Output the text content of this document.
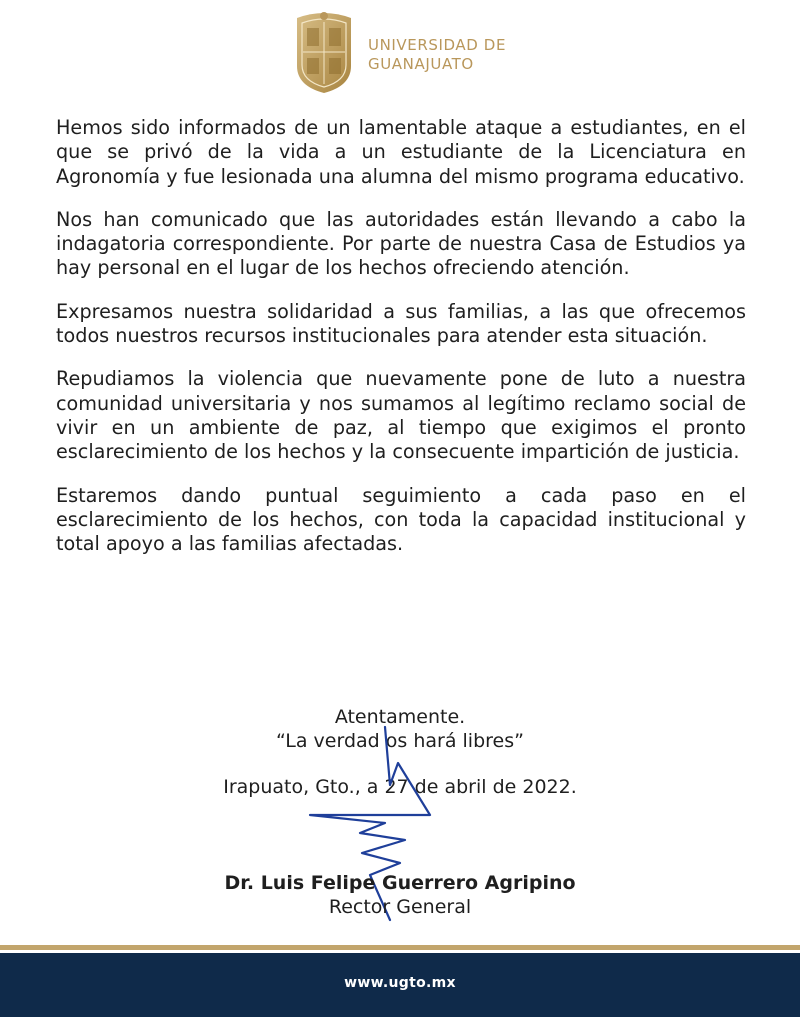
UNIVERSIDAD DE
GUANAJUATO

Hemos sido informados de un lamentable ataque a estudiantes, en el que se privó de la vida a un estudiante de la Licenciatura en Agronomía y fue lesionada una alumna del mismo programa educativo.

Nos han comunicado que las autoridades están llevando a cabo la indagatoria correspondiente. Por parte de nuestra Casa de Estudios ya hay personal en el lugar de los hechos ofreciendo atención.

Expresamos nuestra solidaridad a sus familias, a las que ofrecemos todos nuestros recursos institucionales para atender esta situación.

Repudiamos la violencia que nuevamente pone de luto a nuestra comunidad universitaria y nos sumamos al legítimo reclamo social de vivir en un ambiente de paz, al tiempo que exigimos el pronto esclarecimiento de los hechos y la consecuente impartición de justicia.

Estaremos dando puntual seguimiento a cada paso en el esclarecimiento de los hechos, con toda la capacidad institucional y total apoyo a las familias afectadas.

Atentamente.
“La verdad os hará libres”
Irapuato, Gto., a 27 de abril de 2022.
Dr. Luis Felipe Guerrero Agripino
Rector General
www.ugto.mx
